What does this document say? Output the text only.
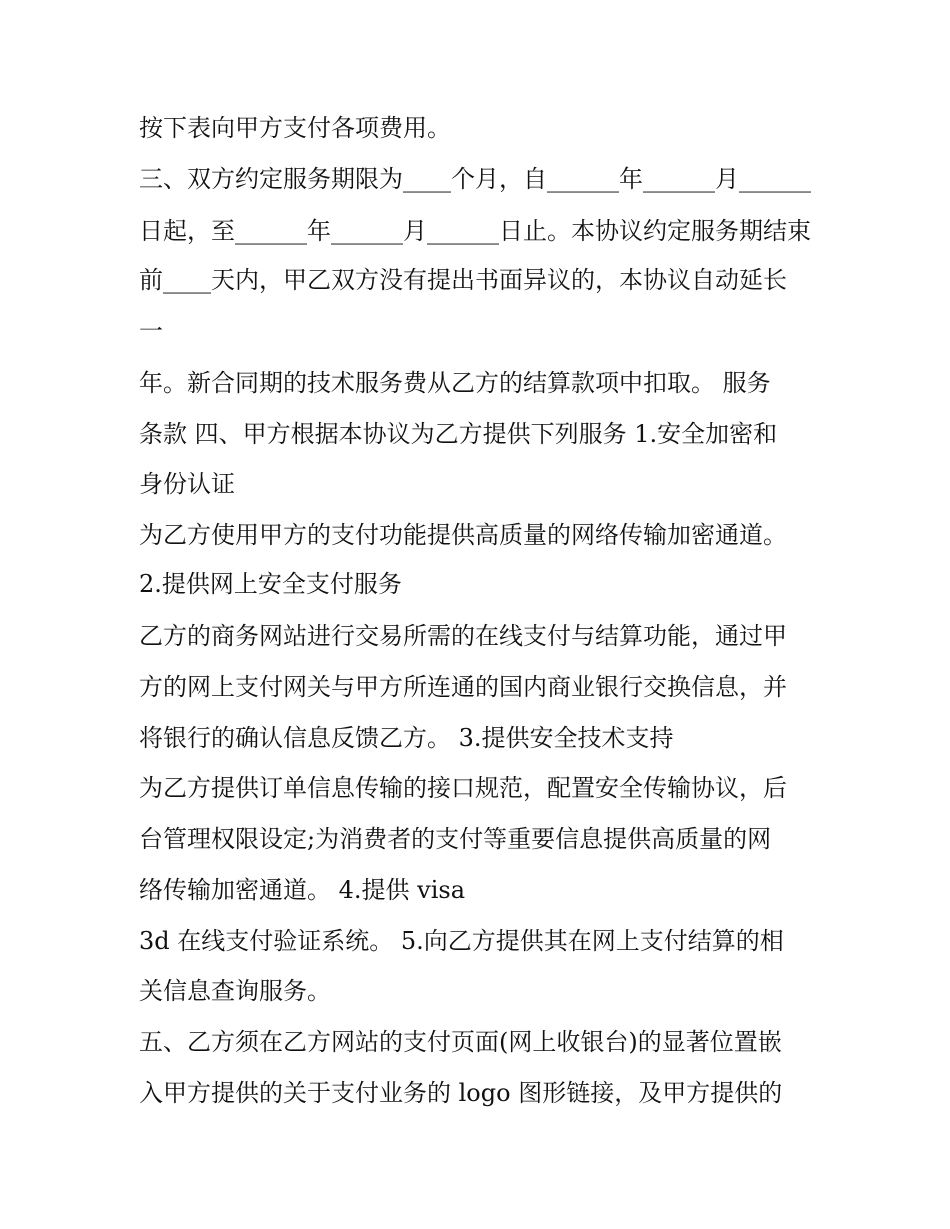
按下表向甲方支付各项费用。
三、双方约定服务期限为____个月，自______年______月______
日起，至______年______月______日止。本协议约定服务期结束
前____天内，甲乙双方没有提出书面异议的，本协议自动延长
一
年。新合同期的技术服务费从乙方的结算款项中扣取。 服务
条款 四、甲方根据本协议为乙方提供下列服务 1.安全加密和
身份认证
为乙方使用甲方的支付功能提供高质量的网络传输加密通道。
2.提供网上安全支付服务
乙方的商务网站进行交易所需的在线支付与结算功能，通过甲
方的网上支付网关与甲方所连通的国内商业银行交换信息，并
将银行的确认信息反馈乙方。 3.提供安全技术支持
为乙方提供订单信息传输的接口规范，配置安全传输协议，后
台管理权限设定;为消费者的支付等重要信息提供高质量的网
络传输加密通道。 4.提供 visa
3d 在线支付验证系统。 5.向乙方提供其在网上支付结算的相
关信息查询服务。
五、乙方须在乙方网站的支付页面(网上收银台)的显著位置嵌
入甲方提供的关于支付业务的 logo 图形链接，及甲方提供的
